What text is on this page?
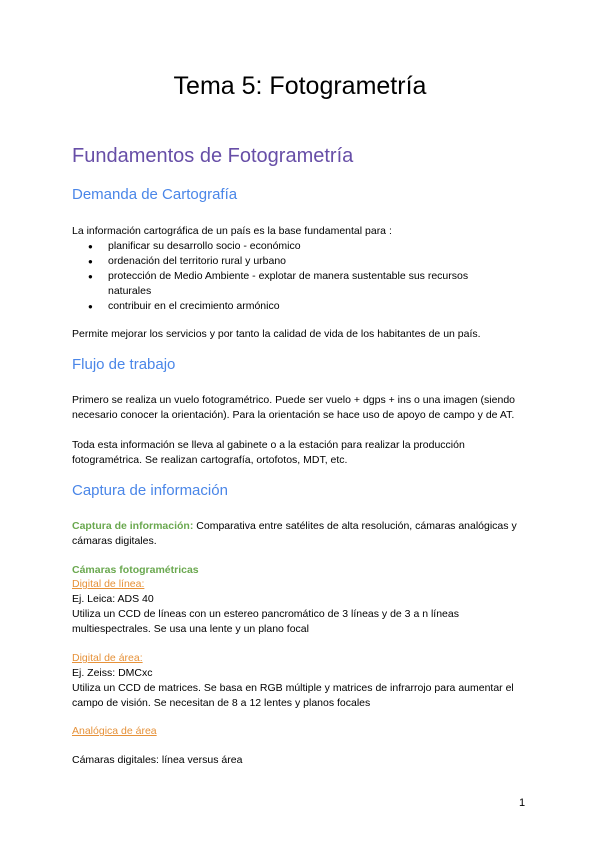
Tema 5: Fotogrametría
Fundamentos de Fotogrametría
Demanda de Cartografía

La información cartográfica de un país es la base fundamental para :

● planificar su desarrollo socio - económico
● ordenación del territorio rural y urbano
● protección de Medio Ambiente - explotar de manera sustentable sus recursos naturales
● contribuir en el crecimiento armónico

Permite mejorar los servicios y por tanto la calidad de vida de los habitantes de un país.

Flujo de trabajo

Primero se realiza un vuelo fotogramétrico. Puede ser vuelo + dgps + ins o una imagen (siendo necesario conocer la orientación). Para la orientación se hace uso de apoyo de campo y de AT.

Toda esta información se lleva al gabinete o a la estación para realizar la producción fotogramétrica. Se realizan cartografía, ortofotos, MDT, etc.

Captura de información

Captura de información: Comparativa entre satélites de alta resolución, cámaras analógicas y cámaras digitales.

Cámaras fotogramétricas

Digital de línea:

Ej. Leica: ADS 40

Utiliza un CCD de líneas con un estereo pancromático de 3 líneas y de 3 a n líneas multiespectrales. Se usa una lente y un plano focal

Digital de área:

Ej. Zeiss: DMCxc

Utiliza un CCD de matrices. Se basa en RGB múltiple y matrices de infrarrojo para aumentar el campo de visión. Se necesitan de 8 a 12 lentes y planos focales

Analógica de área

Cámaras digitales: línea versus área

1
